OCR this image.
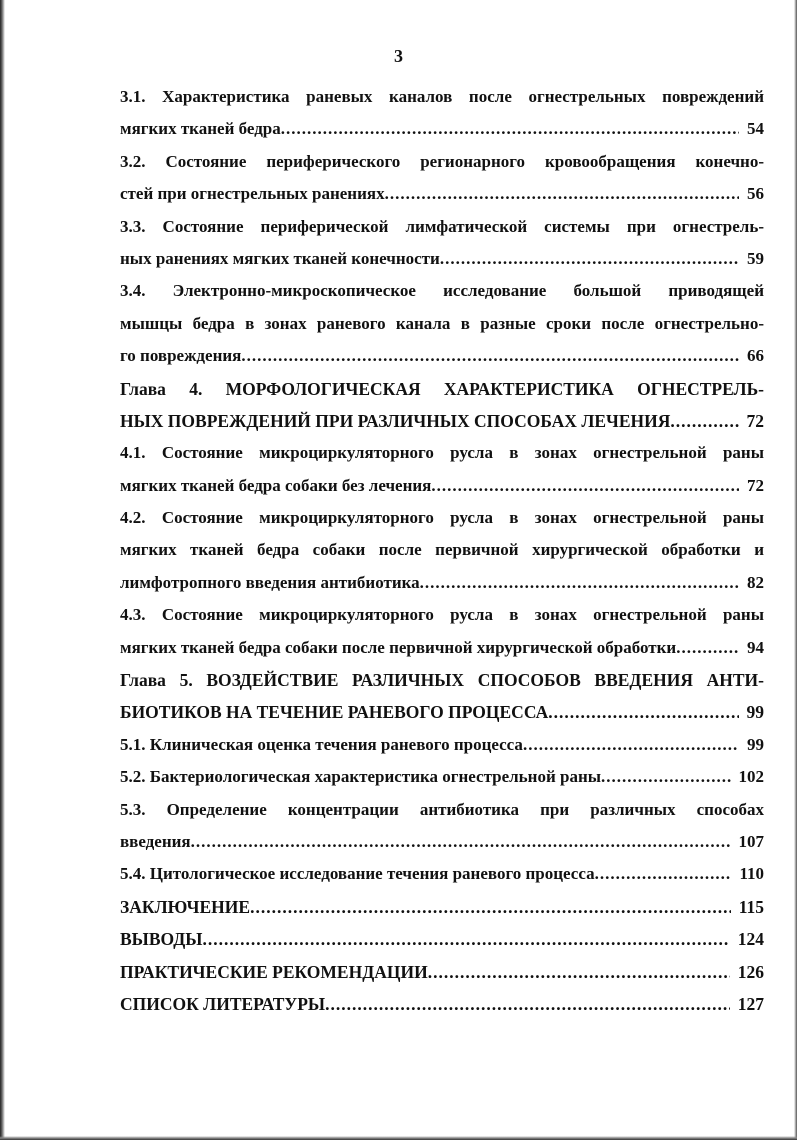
3
3.1. Характеристика раневых каналов после огнестрельных повреждений
мягких тканей бедра .....	54
3.2. Состояние периферического регионарного кровообращения конечно-
стей при огнестрельных ранениях .....	56
3.3. Состояние периферической лимфатической системы при огнестрель-
ных ранениях мягких тканей конечности .....	59
3.4. Электронно-микроскопическое исследование большой приводящей
мышцы бедра в зонах раневого канала в разные сроки после огнестрельно-
го повреждения .....	66
Глава 4. МОРФОЛОГИЧЕСКАЯ ХАРАКТЕРИСТИКА ОГНЕСТРЕЛЬ-
НЫХ ПОВРЕЖДЕНИЙ ПРИ РАЗЛИЧНЫХ СПОСОБАХ ЛЕЧЕНИЯ .....	72
4.1. Состояние микроциркуляторного русла в зонах огнестрельной раны
мягких тканей бедра собаки без лечения .....	72
4.2. Состояние микроциркуляторного русла в зонах огнестрельной раны
мягких тканей бедра собаки после первичной хирургической обработки и
лимфотропного введения антибиотика .....	82
4.3. Состояние микроциркуляторного русла в зонах огнестрельной раны
мягких тканей бедра собаки после первичной хирургической обработки .....	94
Глава 5. ВОЗДЕЙСТВИЕ РАЗЛИЧНЫХ СПОСОБОВ ВВЕДЕНИЯ АНТИ-
БИОТИКОВ НА ТЕЧЕНИЕ РАНЕВОГО ПРОЦЕССА .....	99
5.1. Клиническая оценка течения раневого процесса .....	99
5.2. Бактериологическая характеристика огнестрельной раны .....	102
5.3. Определение концентрации антибиотика при различных способах
введения .....	107
5.4. Цитологическое исследование течения раневого процесса .....	110
ЗАКЛЮЧЕНИЕ .....	115
ВЫВОДЫ .....	124
ПРАКТИЧЕСКИЕ РЕКОМЕНДАЦИИ .....	126
СПИСОК ЛИТЕРАТУРЫ .....	127
